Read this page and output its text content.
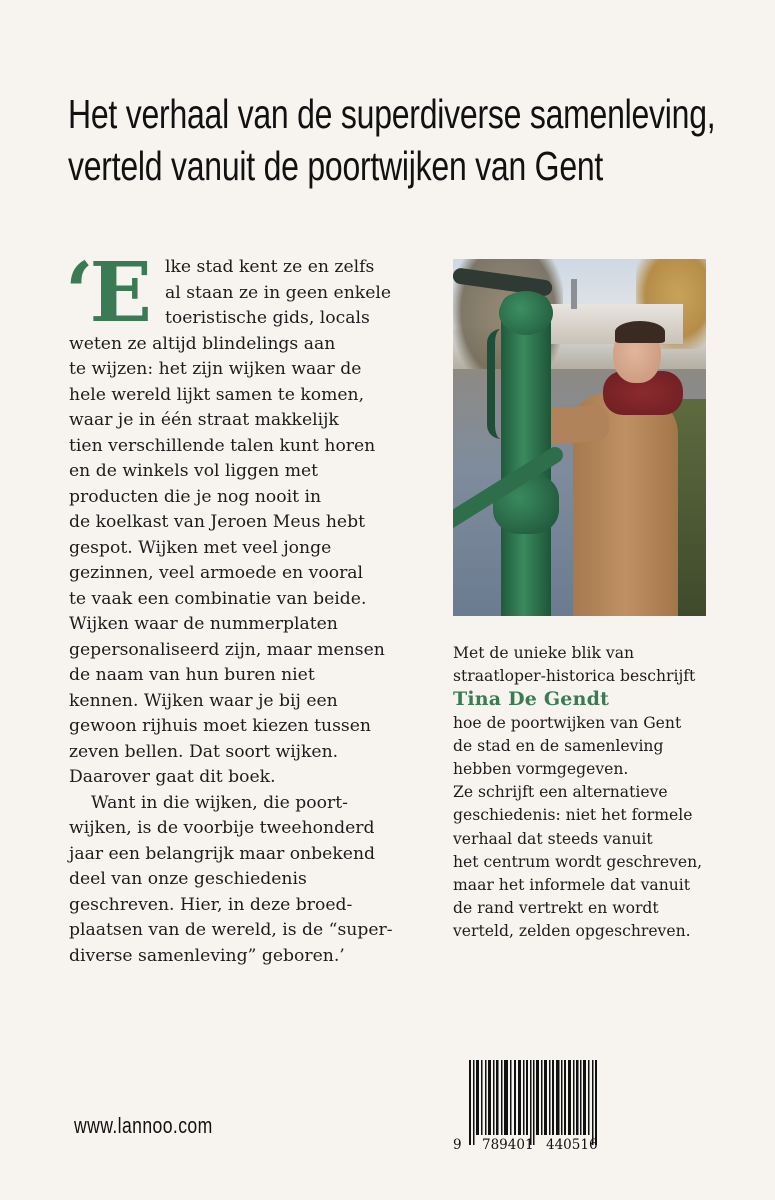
Het verhaal van de superdiverse samenleving,
verteld vanuit de poortwijken van Gent
‘E lke stad kent ze en zelfs
al staan ze in geen enkele
toeristische gids, locals
weten ze altijd blindelings aan
te wijzen: het zijn wijken waar de
hele wereld lijkt samen te komen,
waar je in één straat makkelijk
tien verschillende talen kunt horen
en de winkels vol liggen met
producten die je nog nooit in
de koelkast van Jeroen Meus hebt
gespot. Wijken met veel jonge
gezinnen, veel armoede en vooral
te vaak een combinatie van beide.
Wijken waar de nummerplaten
gepersonaliseerd zijn, maar mensen
de naam van hun buren niet
kennen. Wijken waar je bij een
gewoon rijhuis moet kiezen tussen
zeven bellen. Dat soort wijken.
Daarover gaat dit boek.
Want in die wijken, die poort-
wijken, is de voorbije tweehonderd
jaar een belangrijk maar onbekend
deel van onze geschiedenis
geschreven. Hier, in deze broed-
plaatsen van de wereld, is de “super-
diverse samenleving” geboren.’
Met de unieke blik van
straatloper-historica beschrijft
Tina De Gendt
hoe de poortwijken van Gent
de stad en de samenleving
hebben vormgegeven.
Ze schrijft een alternatieve
geschiedenis: niet het formele
verhaal dat steeds vanuit
het centrum wordt geschreven,
maar het informele dat vanuit
de rand vertrekt en wordt
verteld, zelden opgeschreven.
www.lannoo.com
9 789401 440516
